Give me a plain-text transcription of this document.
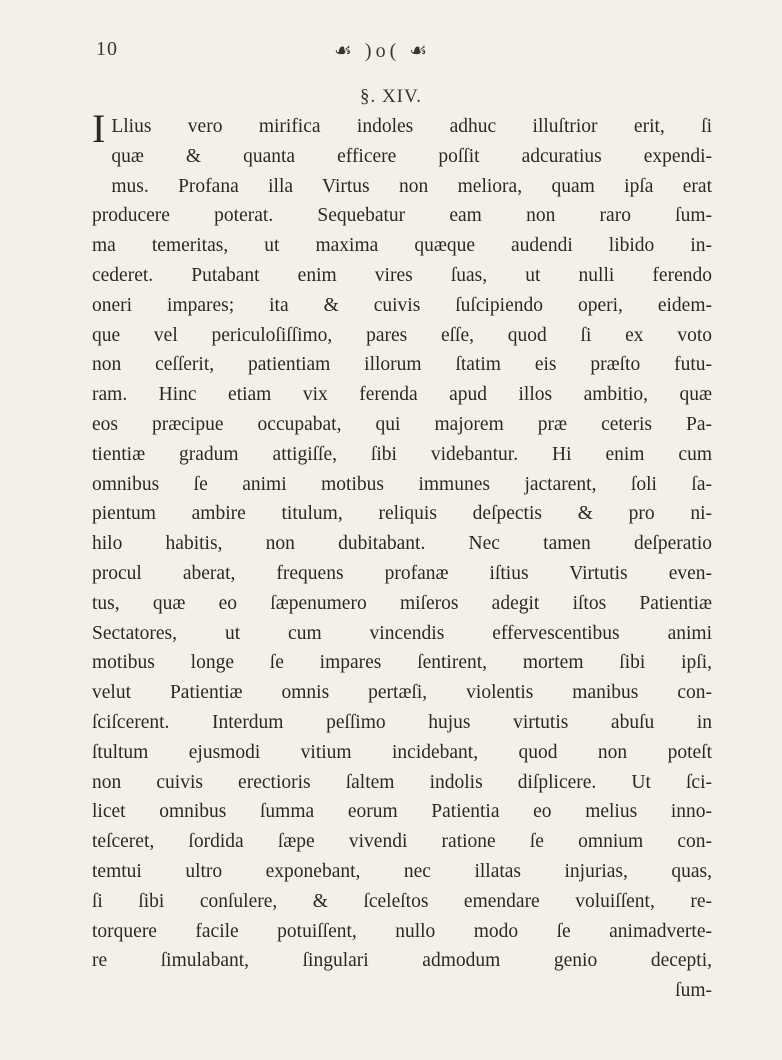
10	☙ )o( ☙
§. XIV.
I Llius vero mirifica indoles adhuc illuſtrior erit, ſi
quæ & quanta efficere poſſit adcuratius expendi-
mus. Profana illa Virtus non meliora, quam ipſa erat
producere poterat. Sequebatur eam non raro ſum-
ma temeritas, ut maxima quæque audendi libido in-
cederet. Putabant enim vires ſuas, ut nulli ferendo
oneri impares; ita & cuivis ſuſcipiendo operi, eidem-
que vel periculoſiſſimo, pares eſſe, quod ſi ex voto
non ceſſerit, patientiam illorum ſtatim eis præſto futu-
ram. Hinc etiam vix ferenda apud illos ambitio, quæ
eos præcipue occupabat, qui majorem præ ceteris Pa-
tientiæ gradum attigiſſe, ſibi videbantur. Hi enim cum
omnibus ſe animi motibus immunes jactarent, ſoli ſa-
pientum ambire titulum, reliquis deſpectis & pro ni-
hilo habitis, non dubitabant. Nec tamen deſperatio
procul aberat, frequens profanæ iſtius Virtutis even-
tus, quæ eo ſæpenumero miſeros adegit iſtos Patientiæ
Sectatores, ut cum vincendis effervescentibus animi
motibus longe ſe impares ſentirent, mortem ſibi ipſi,
velut Patientiæ omnis pertæſi, violentis manibus con-
ſciſcerent. Interdum peſſimo hujus virtutis abuſu in
ſtultum ejusmodi vitium incidebant, quod non poteſt
non cuivis erectioris ſaltem indolis diſplicere. Ut ſci-
licet omnibus ſumma eorum Patientia eo melius inno-
teſceret, ſordida ſæpe vivendi ratione ſe omnium con-
temtui ultro exponebant, nec illatas injurias, quas,
ſi ſibi conſulere, & ſceleſtos emendare voluiſſent, re-
torquere facile potuiſſent, nullo modo ſe animadverte-
re ſimulabant, ſingulari admodum genio decepti,
ſum-
